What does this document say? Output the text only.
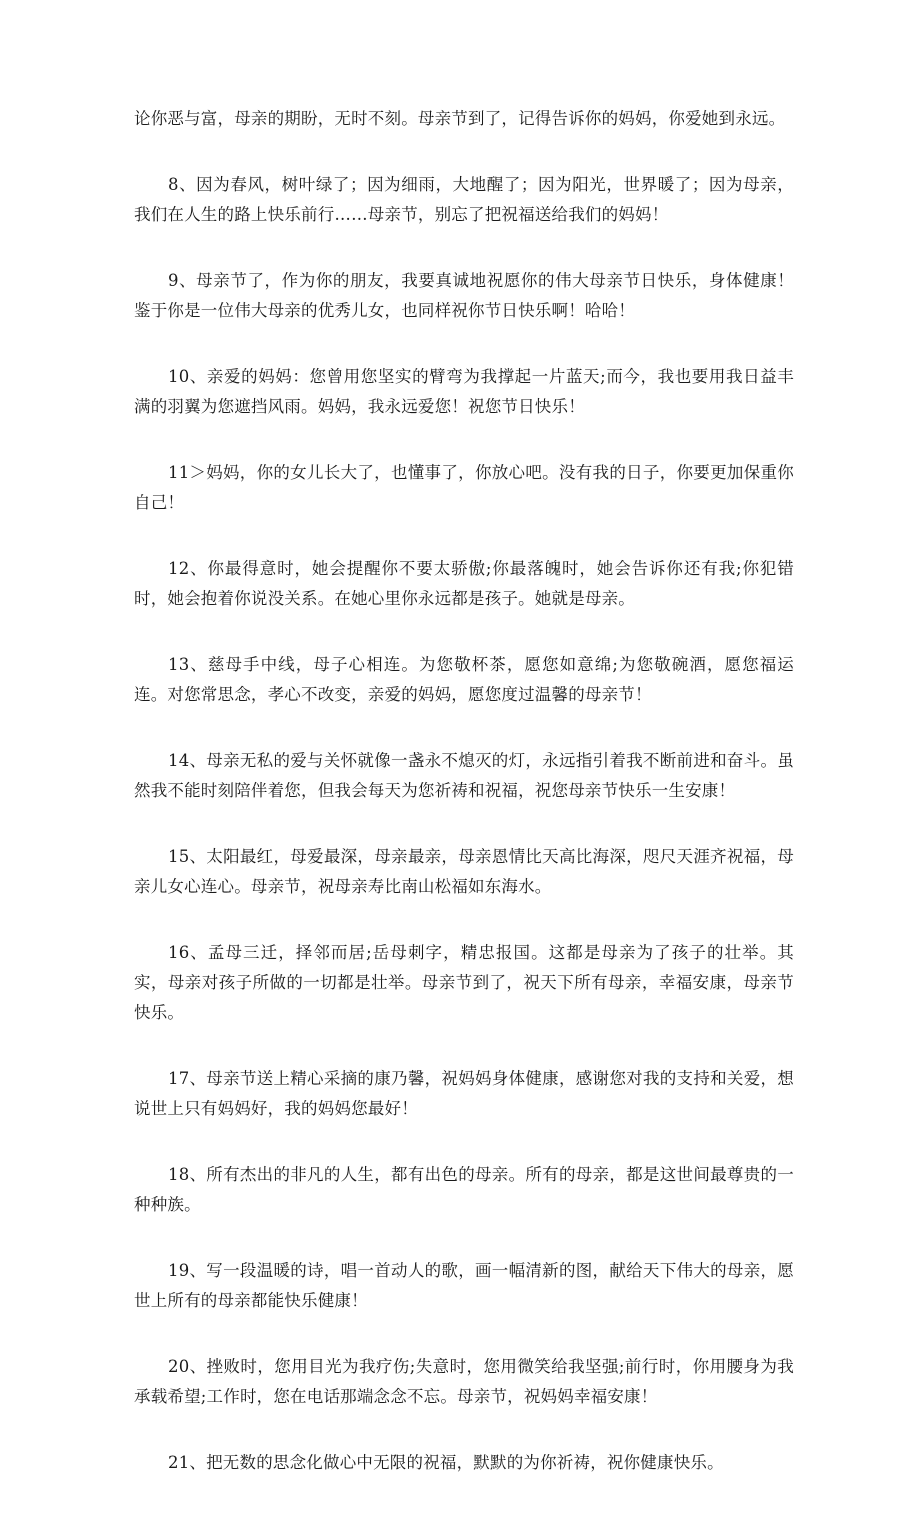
论你恶与富，母亲的期盼，无时不刻。母亲节到了，记得告诉你的妈妈，你爱她到永远。

8、因为春风，树叶绿了；因为细雨，大地醒了；因为阳光，世界暖了；因为母亲，我们在人生的路上快乐前行……母亲节，别忘了把祝福送给我们的妈妈！

9、母亲节了，作为你的朋友，我要真诚地祝愿你的伟大母亲节日快乐，身体健康！鉴于你是一位伟大母亲的优秀儿女，也同样祝你节日快乐啊！哈哈！

10、亲爱的妈妈：您曾用您坚实的臂弯为我撑起一片蓝天;而今，我也要用我日益丰满的羽翼为您遮挡风雨。妈妈，我永远爱您！祝您节日快乐！

11＞妈妈，你的女儿长大了，也懂事了，你放心吧。没有我的日子，你要更加保重你自己！

12、你最得意时，她会提醒你不要太骄傲;你最落魄时，她会告诉你还有我;你犯错时，她会抱着你说没关系。在她心里你永远都是孩子。她就是母亲。

13、慈母手中线，母子心相连。为您敬杯茶，愿您如意绵;为您敬碗酒，愿您福运连。对您常思念，孝心不改变，亲爱的妈妈，愿您度过温馨的母亲节！

14、母亲无私的爱与关怀就像一盏永不熄灭的灯，永远指引着我不断前进和奋斗。虽然我不能时刻陪伴着您，但我会每天为您祈祷和祝福，祝您母亲节快乐一生安康！

15、太阳最红，母爱最深，母亲最亲，母亲恩情比天高比海深，咫尺天涯齐祝福，母亲儿女心连心。母亲节，祝母亲寿比南山松福如东海水。

16、孟母三迁，择邻而居;岳母刺字，精忠报国。这都是母亲为了孩子的壮举。其实，母亲对孩子所做的一切都是壮举。母亲节到了，祝天下所有母亲，幸福安康，母亲节快乐。

17、母亲节送上精心采摘的康乃馨，祝妈妈身体健康，感谢您对我的支持和关爱，想说世上只有妈妈好，我的妈妈您最好！

18、所有杰出的非凡的人生，都有出色的母亲。所有的母亲，都是这世间最尊贵的一种种族。

19、写一段温暖的诗，唱一首动人的歌，画一幅清新的图，献给天下伟大的母亲，愿世上所有的母亲都能快乐健康！

20、挫败时，您用目光为我疗伤;失意时，您用微笑给我坚强;前行时，你用腰身为我承载希望;工作时，您在电话那端念念不忘。母亲节，祝妈妈幸福安康！

21、把无数的思念化做心中无限的祝福，默默的为你祈祷，祝你健康快乐。
